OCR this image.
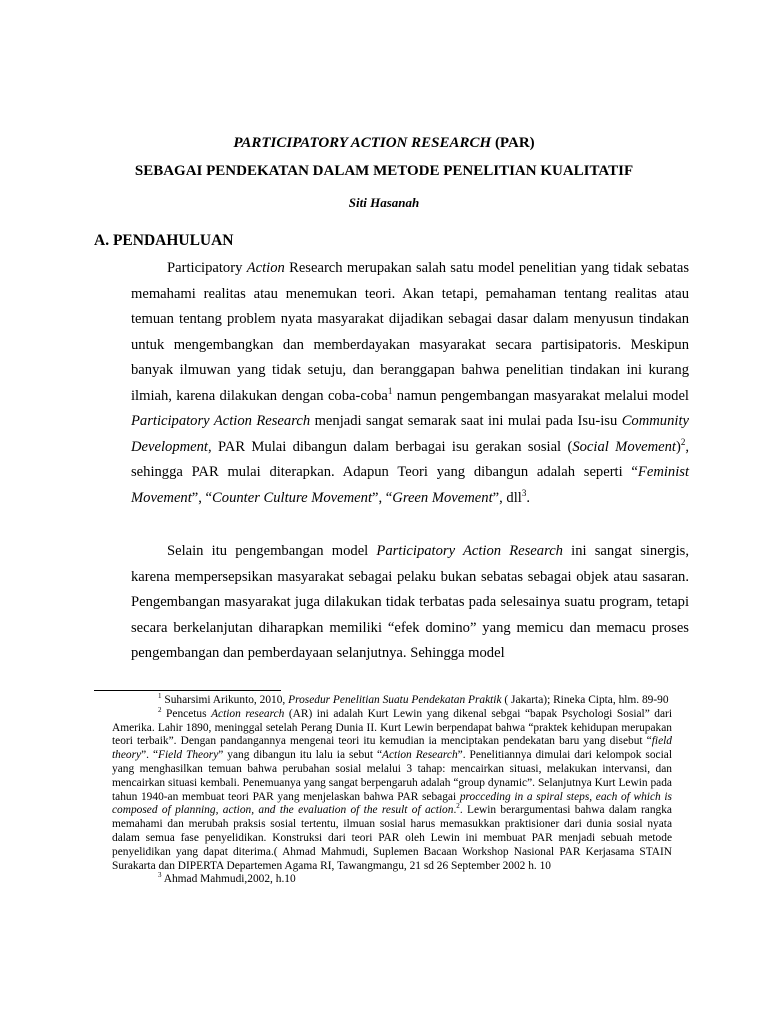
PARTICIPATORY ACTION RESEARCH (PAR)
SEBAGAI PENDEKATAN DALAM METODE PENELITIAN KUALITATIF
Siti Hasanah
A. PENDAHULUAN

Participatory Action Research merupakan salah satu model penelitian yang tidak sebatas memahami realitas atau menemukan teori. Akan tetapi, pemahaman tentang realitas atau temuan tentang problem nyata masyarakat dijadikan sebagai dasar dalam menyusun tindakan untuk mengembangkan dan memberdayakan masyarakat secara partisipatoris. Meskipun banyak ilmuwan yang tidak setuju, dan beranggapan bahwa penelitian tindakan ini kurang ilmiah, karena dilakukan dengan coba-coba$^1$ namun pengembangan masyarakat melalui model Participatory Action Research menjadi sangat semarak saat ini mulai pada Isu-isu Community Development, PAR Mulai dibangun dalam berbagai isu gerakan sosial (Social Movement)$^2$, sehingga PAR mulai diterapkan. Adapun Teori yang dibangun adalah seperti “Feminist Movement”, “Counter Culture Movement”, “Green Movement”, dll$^3$.

Selain itu pengembangan model Participatory Action Research ini sangat sinergis, karena mempersepsikan masyarakat sebagai pelaku bukan sebatas sebagai objek atau sasaran. Pengembangan masyarakat juga dilakukan tidak terbatas pada selesainya suatu program, tetapi secara berkelanjutan diharapkan memiliki “efek domino” yang memicu dan memacu proses pengembangan dan pemberdayaan selanjutnya. Sehingga model

$^1$ Suharsimi Arikunto, 2010, Prosedur Penelitian Suatu Pendekatan Praktik ( Jakarta); Rineka Cipta, hlm. 89-90

$^2$ Pencetus Action research (AR) ini adalah Kurt Lewin yang dikenal sebgai “bapak Psychologi Sosial” dari Amerika. Lahir 1890, meninggal setelah Perang Dunia II. Kurt Lewin berpendapat bahwa “praktek kehidupan merupakan teori terbaik”. Dengan pandangannya mengenai teori itu kemudian ia menciptakan pendekatan baru yang disebut “field theory”. “Field Theory” yang dibangun itu lalu ia sebut “Action Research”. Penelitiannya dimulai dari kelompok social yang menghasilkan temuan bahwa perubahan sosial melalui 3 tahap: mencairkan situasi, melakukan intervansi, dan mencairkan situasi kembali. Penemuanya yang sangat berpengaruh adalah “group dynamic”. Selanjutnya Kurt Lewin pada tahun 1940-an membuat teori PAR yang menjelaskan bahwa PAR sebagai procceding in a spiral steps, each of which is composed of planning, action, and the evaluation of the result of action.$^2$. Lewin berargumentasi bahwa dalam rangka memahami dan merubah praksis sosial tertentu, ilmuan sosial harus memasukkan praktisioner dari dunia sosial nyata dalam semua fase penyelidikan. Konstruksi dari teori PAR oleh Lewin ini membuat PAR menjadi sebuah metode penyelidikan yang dapat diterima.( Ahmad Mahmudi, Suplemen Bacaan Workshop Nasional PAR Kerjasama STAIN Surakarta dan DIPERTA Departemen Agama RI, Tawangmangu, 21 sd 26 September 2002 h. 10

$^3$ Ahmad Mahmudi,2002, h.10
